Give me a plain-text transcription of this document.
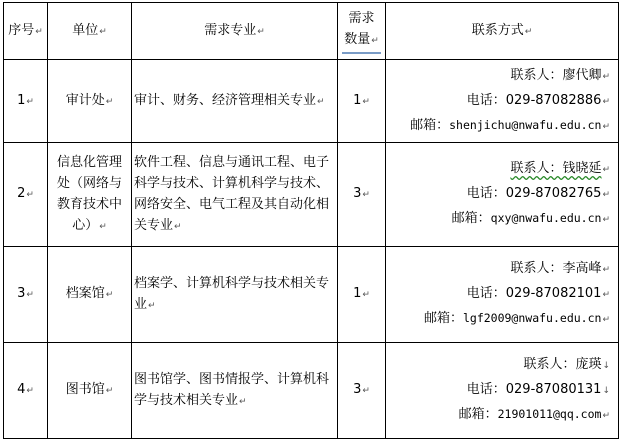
序号↵	单位↵	需求专业↵	需求
数量↵	联系方式↵
1↵	审计处↵	审计、财务、经济管理相关专业↵	1↵	联系人：廖代卿↵
电话：029-87082886↵
邮箱：shenjichu@nwafu.edu.cn↵

2↵	信息化管理处（网络与教育技术中心）↵	软件工程、信息与通讯工程、电子科学与技术、计算机科学与技术、网络安全、电气工程及其自动化相关专业↵	3↵	联系人：钱晓延↵
电话：029-87082765↵
邮箱：qxy@nwafu.edu.cn↵

3↵	档案馆↵	档案学、计算机科学与技术相关专业↵	1↵	联系人：李高峰↵
电话：029-87082101↵
邮箱：lgf2009@nwafu.edu.cn↵

4↵	图书馆↵	图书馆学、图书情报学、计算机科学与技术相关专业↵	3↵	联系人：庞瑛↓
电话：029-87080131↓
邮箱：21901011@qq.com↵
